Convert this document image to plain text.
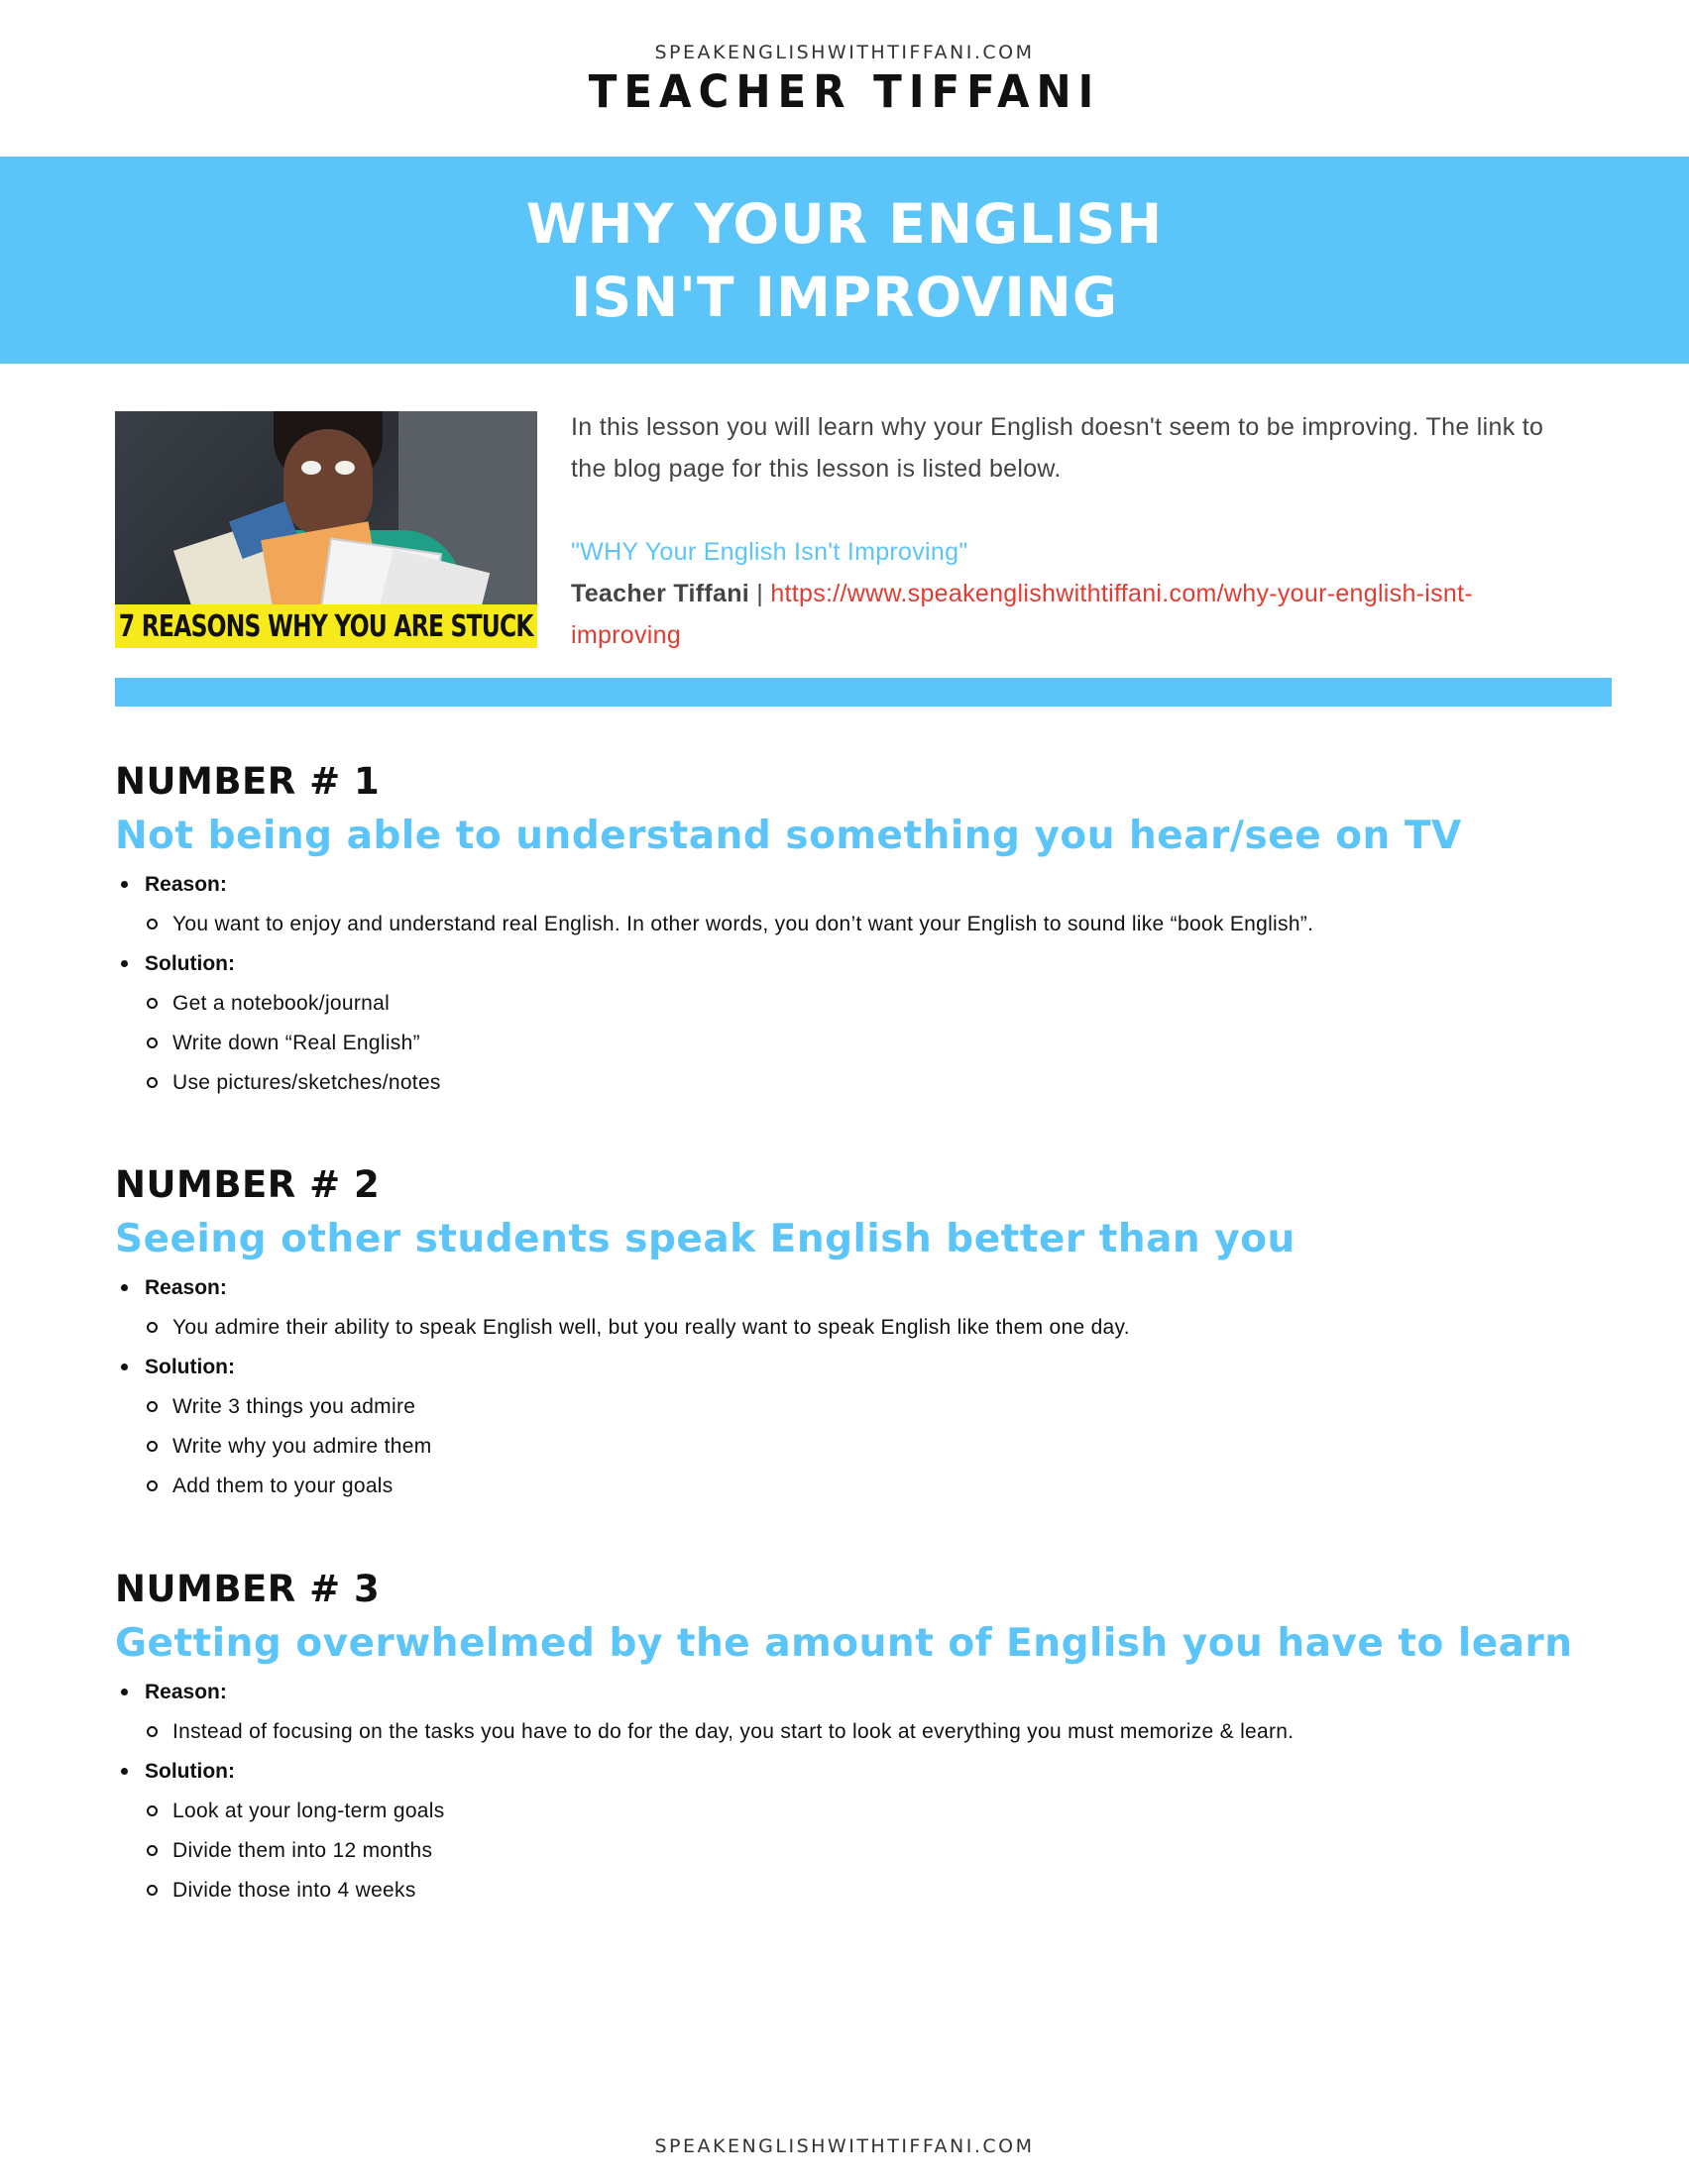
SPEAKENGLISHWITHTIFFANI.COM
TEACHER TIFFANI
WHY YOUR ENGLISH
ISN'T IMPROVING
7 REASONS WHY YOU ARE STUCK

In this lesson you will learn why your English doesn't seem to be improving. The link to the blog page for this lesson is listed below.

"WHY Your English Isn't Improving"

Teacher Tiffani | https://www.speakenglishwithtiffani.com/why-your-english-isnt-improving

NUMBER # 1
Not being able to understand something you hear/see on TV
Reason:
You want to enjoy and understand real English. In other words, you don’t want your English to sound like “book English”.
Solution:
Get a notebook/journal
Write down “Real English”
Use pictures/sketches/notes
NUMBER # 2
Seeing other students speak English better than you
Reason:
You admire their ability to speak English well, but you really want to speak English like them one day.
Solution:
Write 3 things you admire
Write why you admire them
Add them to your goals
NUMBER # 3
Getting overwhelmed by the amount of English you have to learn
Reason:
Instead of focusing on the tasks you have to do for the day, you start to look at everything you must memorize & learn.
Solution:
Look at your long-term goals
Divide them into 12 months
Divide those into 4 weeks
SPEAKENGLISHWITHTIFFANI.COM
